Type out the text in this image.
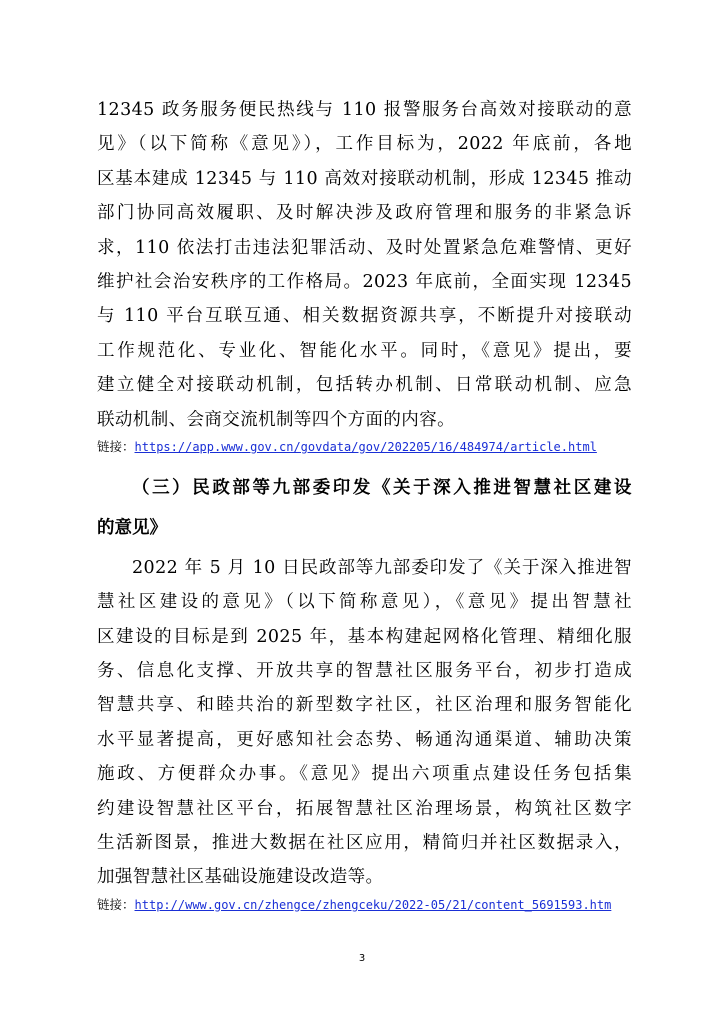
12345 政务服务便民热线与 110 报警服务台高效对接联动的意
见》（以下简称《意见》），工作目标为，2022 年底前，各地
区基本建成 12345 与 110 高效对接联动机制，形成 12345 推动
部门协同高效履职、及时解决涉及政府管理和服务的非紧急诉
求，110 依法打击违法犯罪活动、及时处置紧急危难警情、更好
维护社会治安秩序的工作格局。2023 年底前，全面实现 12345
与 110 平台互联互通、相关数据资源共享，不断提升对接联动
工作规范化、专业化、智能化水平。同时，《意见》提出，要
建立健全对接联动机制，包括转办机制、日常联动机制、应急
联动机制、会商交流机制等四个方面的内容。
链接：https://app.www.gov.cn/govdata/gov/202205/16/484974/article.html
（三）民政部等九部委印发《关于深入推进智慧社区建设
的意见》
2022 年 5 月 10 日民政部等九部委印发了《关于深入推进智
慧社区建设的意见》（以下简称意见），《意见》提出智慧社
区建设的目标是到 2025 年，基本构建起网格化管理、精细化服
务、信息化支撑、开放共享的智慧社区服务平台，初步打造成
智慧共享、和睦共治的新型数字社区，社区治理和服务智能化
水平显著提高，更好感知社会态势、畅通沟通渠道、辅助决策
施政、方便群众办事。《意见》提出六项重点建设任务包括集
约建设智慧社区平台，拓展智慧社区治理场景，构筑社区数字
生活新图景，推进大数据在社区应用，精简归并社区数据录入，
加强智慧社区基础设施建设改造等。
链接：http://www.gov.cn/zhengce/zhengceku/2022-05/21/content_5691593.htm
3
